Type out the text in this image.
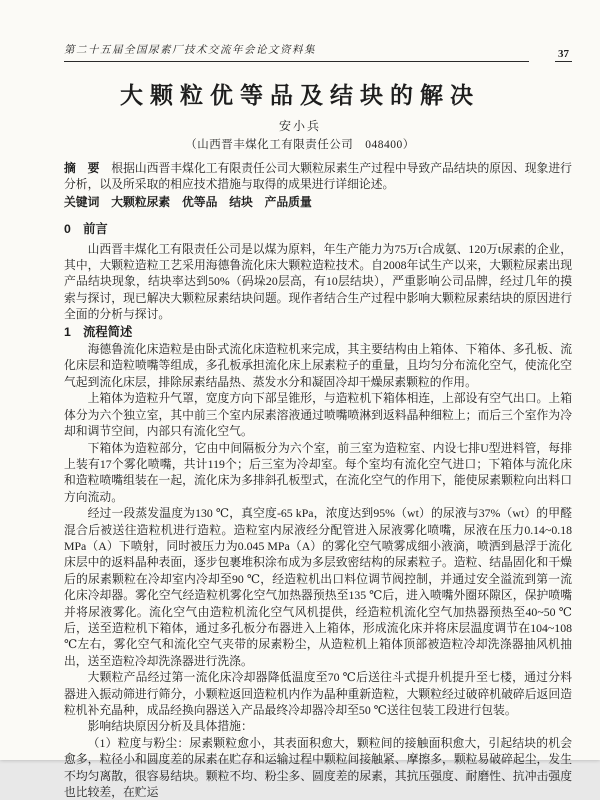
第二十五届全国尿素厂技术交流年会论文资料集	37
大颗粒优等品及结块的解决
安小兵
（山西晋丰煤化工有限责任公司　048400）

摘　要　 根据山西晋丰煤化工有限责任公司大颗粒尿素生产过程中导致产品结块的原因、现象进行分析，以及所采取的相应技术措施与取得的成果进行详细论述。

关键词　 大颗粒尿素　优等品　结块　产品质量

0　前言

山西晋丰煤化工有限责任公司是以煤为原料，年生产能力为75万t合成氨、120万t尿素的企业，其中，大颗粒造粒工艺采用海德鲁流化床大颗粒造粒技术。自2008年试生产以来，大颗粒尿素出现产品结块现象，结块率达到50%（码垛20层高，有10层结块），严重影响公司品牌，经过几年的摸索与探讨，现已解决大颗粒尿素结块问题。现作者结合生产过程中影响大颗粒尿素结块的原因进行全面的分析与探讨。

1　流程简述

海德鲁流化床造粒是由卧式流化床造粒机来完成，其主要结构由上箱体、下箱体、多孔板、流化床层和造粒喷嘴等组成，多孔板承担流化床上尿素粒子的重量，且均匀分布流化空气，使流化空气起到流化床层，排除尿素结晶热、蒸发水分和凝固冷却干燥尿素颗粒的作用。

上箱体为造粒升气罩，宽度方向下部呈锥形，与造粒机下箱体相连，上部设有空气出口。上箱体分为六个独立室，其中前三个室内尿素溶液通过喷嘴喷淋到返料晶种细粒上；而后三个室作为冷却和调节空间，内部只有流化空气。

下箱体为造粒部分，它由中间隔板分为六个室，前三室为造粒室、内设七排U型进料管，每排上装有17个雾化喷嘴，共计119个；后三室为冷却室。每个室均有流化空气进口；下箱体与流化床和造粒喷嘴组装在一起，流化床为多排斜孔板型式，在流化空气的作用下，能使尿素颗粒向出料口方向流动。

经过一段蒸发温度为130 ℃，真空度-65 kPa，浓度达到95%（wt）的尿液与37%（wt）的甲醛混合后被送往造粒机进行造粒。造粒室内尿液经分配管进入尿液雾化喷嘴，尿液在压力0.14~0.18 MPa（A）下喷射，同时被压力为0.045 MPa（A）的雾化空气喷雾成细小液滴，喷洒到悬浮于流化床层中的返料晶种表面，逐步包裹堆积涂布成为多层致密结构的尿素粒子。造粒、结晶固化和干燥后的尿素颗粒在冷却室内冷却至90 ℃，经造粒机出口料位调节阀控制，并通过安全溢流到第一流化床冷却器。雾化空气经造粒机雾化空气加热器预热至135 ℃后，进入喷嘴外圈环隙区，保护喷嘴并将尿液雾化。流化空气由造粒机流化空气风机提供，经造粒机流化空气加热器预热至40~50 ℃后，送至造粒机下箱体，通过多孔板分布器进入上箱体，形成流化床并将床层温度调节在104~108 ℃左右，雾化空气和流化空气夹带的尿素粉尘，从造粒机上箱体顶部被造粒冷却洗涤器抽风机抽出，送至造粒冷却洗涤器进行洗涤。

大颗粒产品经过第一流化床冷却器降低温度至70 ℃后送往斗式提升机提升至七楼，通过分料器进入振动筛进行筛分，小颗粒返回造粒机内作为晶种重新造粒，大颗粒经过破碎机破碎后返回造粒机补充晶种，成品经换向器送入产品最终冷却器冷却至50 ℃送往包装工段进行包装。

影响结块原因分析及具体措施：

（1）粒度与粉尘：尿素颗粒愈小，其表面积愈大，颗粒间的接触面积愈大，引起结块的机会愈多，粒径小和圆度差的尿素在贮存和运输过程中颗粒间接触紧、摩擦多，颗粒易破碎起尘，发生不均匀离散，很容易结块。颗粒不均、粉尘多、圆度差的尿素，其抗压强度、耐磨性、抗冲击强度也比较差，在贮运
